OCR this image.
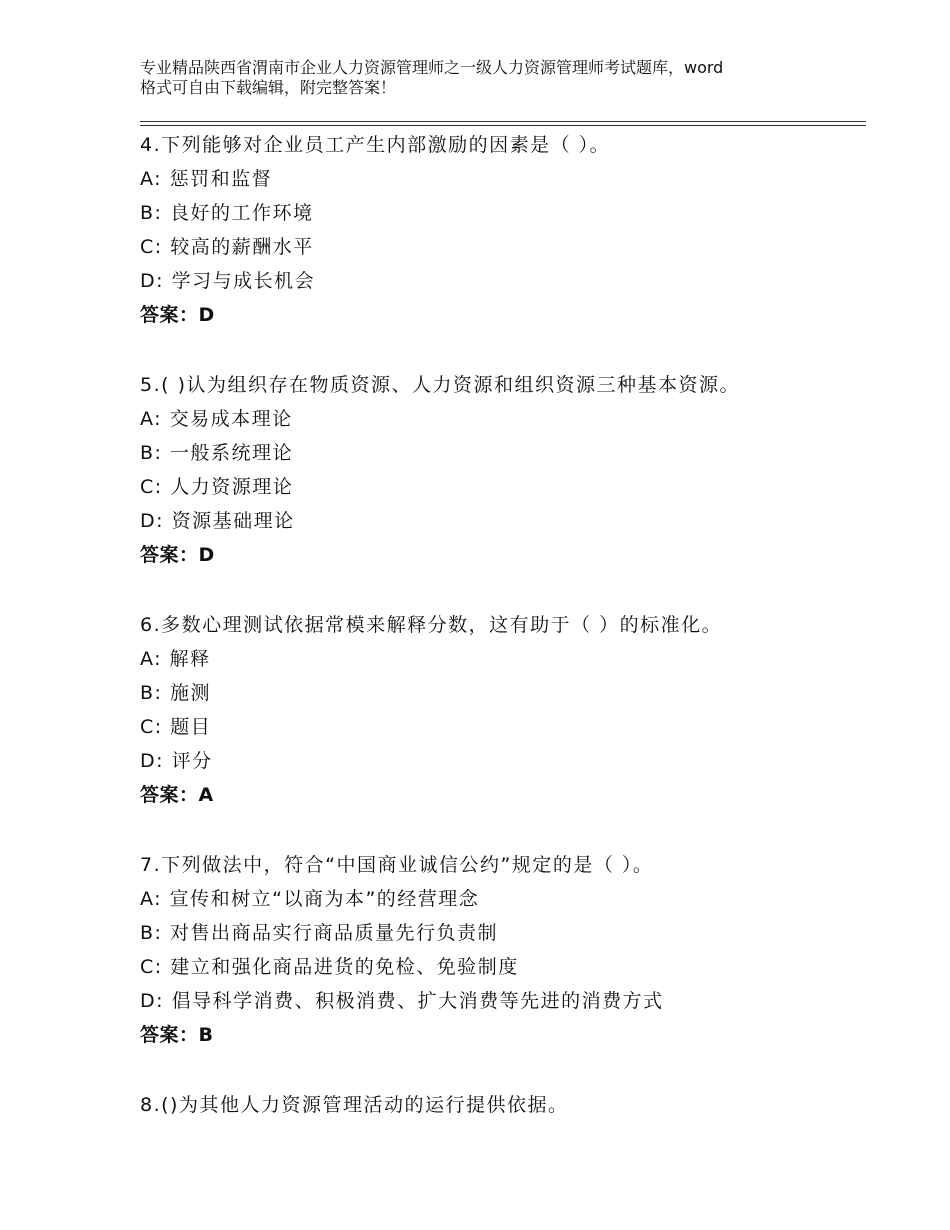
专业精品陕西省渭南市企业人力资源管理师之一级人力资源管理师考试题库，word
格式可自由下载编辑，附完整答案！
4.下列能够对企业员工产生内部激励的因素是（ ）。
A: 惩罚和监督
B: 良好的工作环境
C: 较高的薪酬水平
D: 学习与成长机会
答案：D
5.( )认为组织存在物质资源、人力资源和组织资源三种基本资源。
A: 交易成本理论
B: 一般系统理论
C: 人力资源理论
D: 资源基础理论
答案：D
6.多数心理测试依据常模来解释分数，这有助于（ ）的标准化。
A: 解释
B: 施测
C: 题目
D: 评分
答案：A
7.下列做法中，符合“中国商业诚信公约”规定的是（ ）。
A: 宣传和树立“以商为本”的经营理念
B: 对售出商品实行商品质量先行负责制
C: 建立和强化商品进货的免检、免验制度
D: 倡导科学消费、积极消费、扩大消费等先进的消费方式
答案：B
8.()为其他人力资源管理活动的运行提供依据。
